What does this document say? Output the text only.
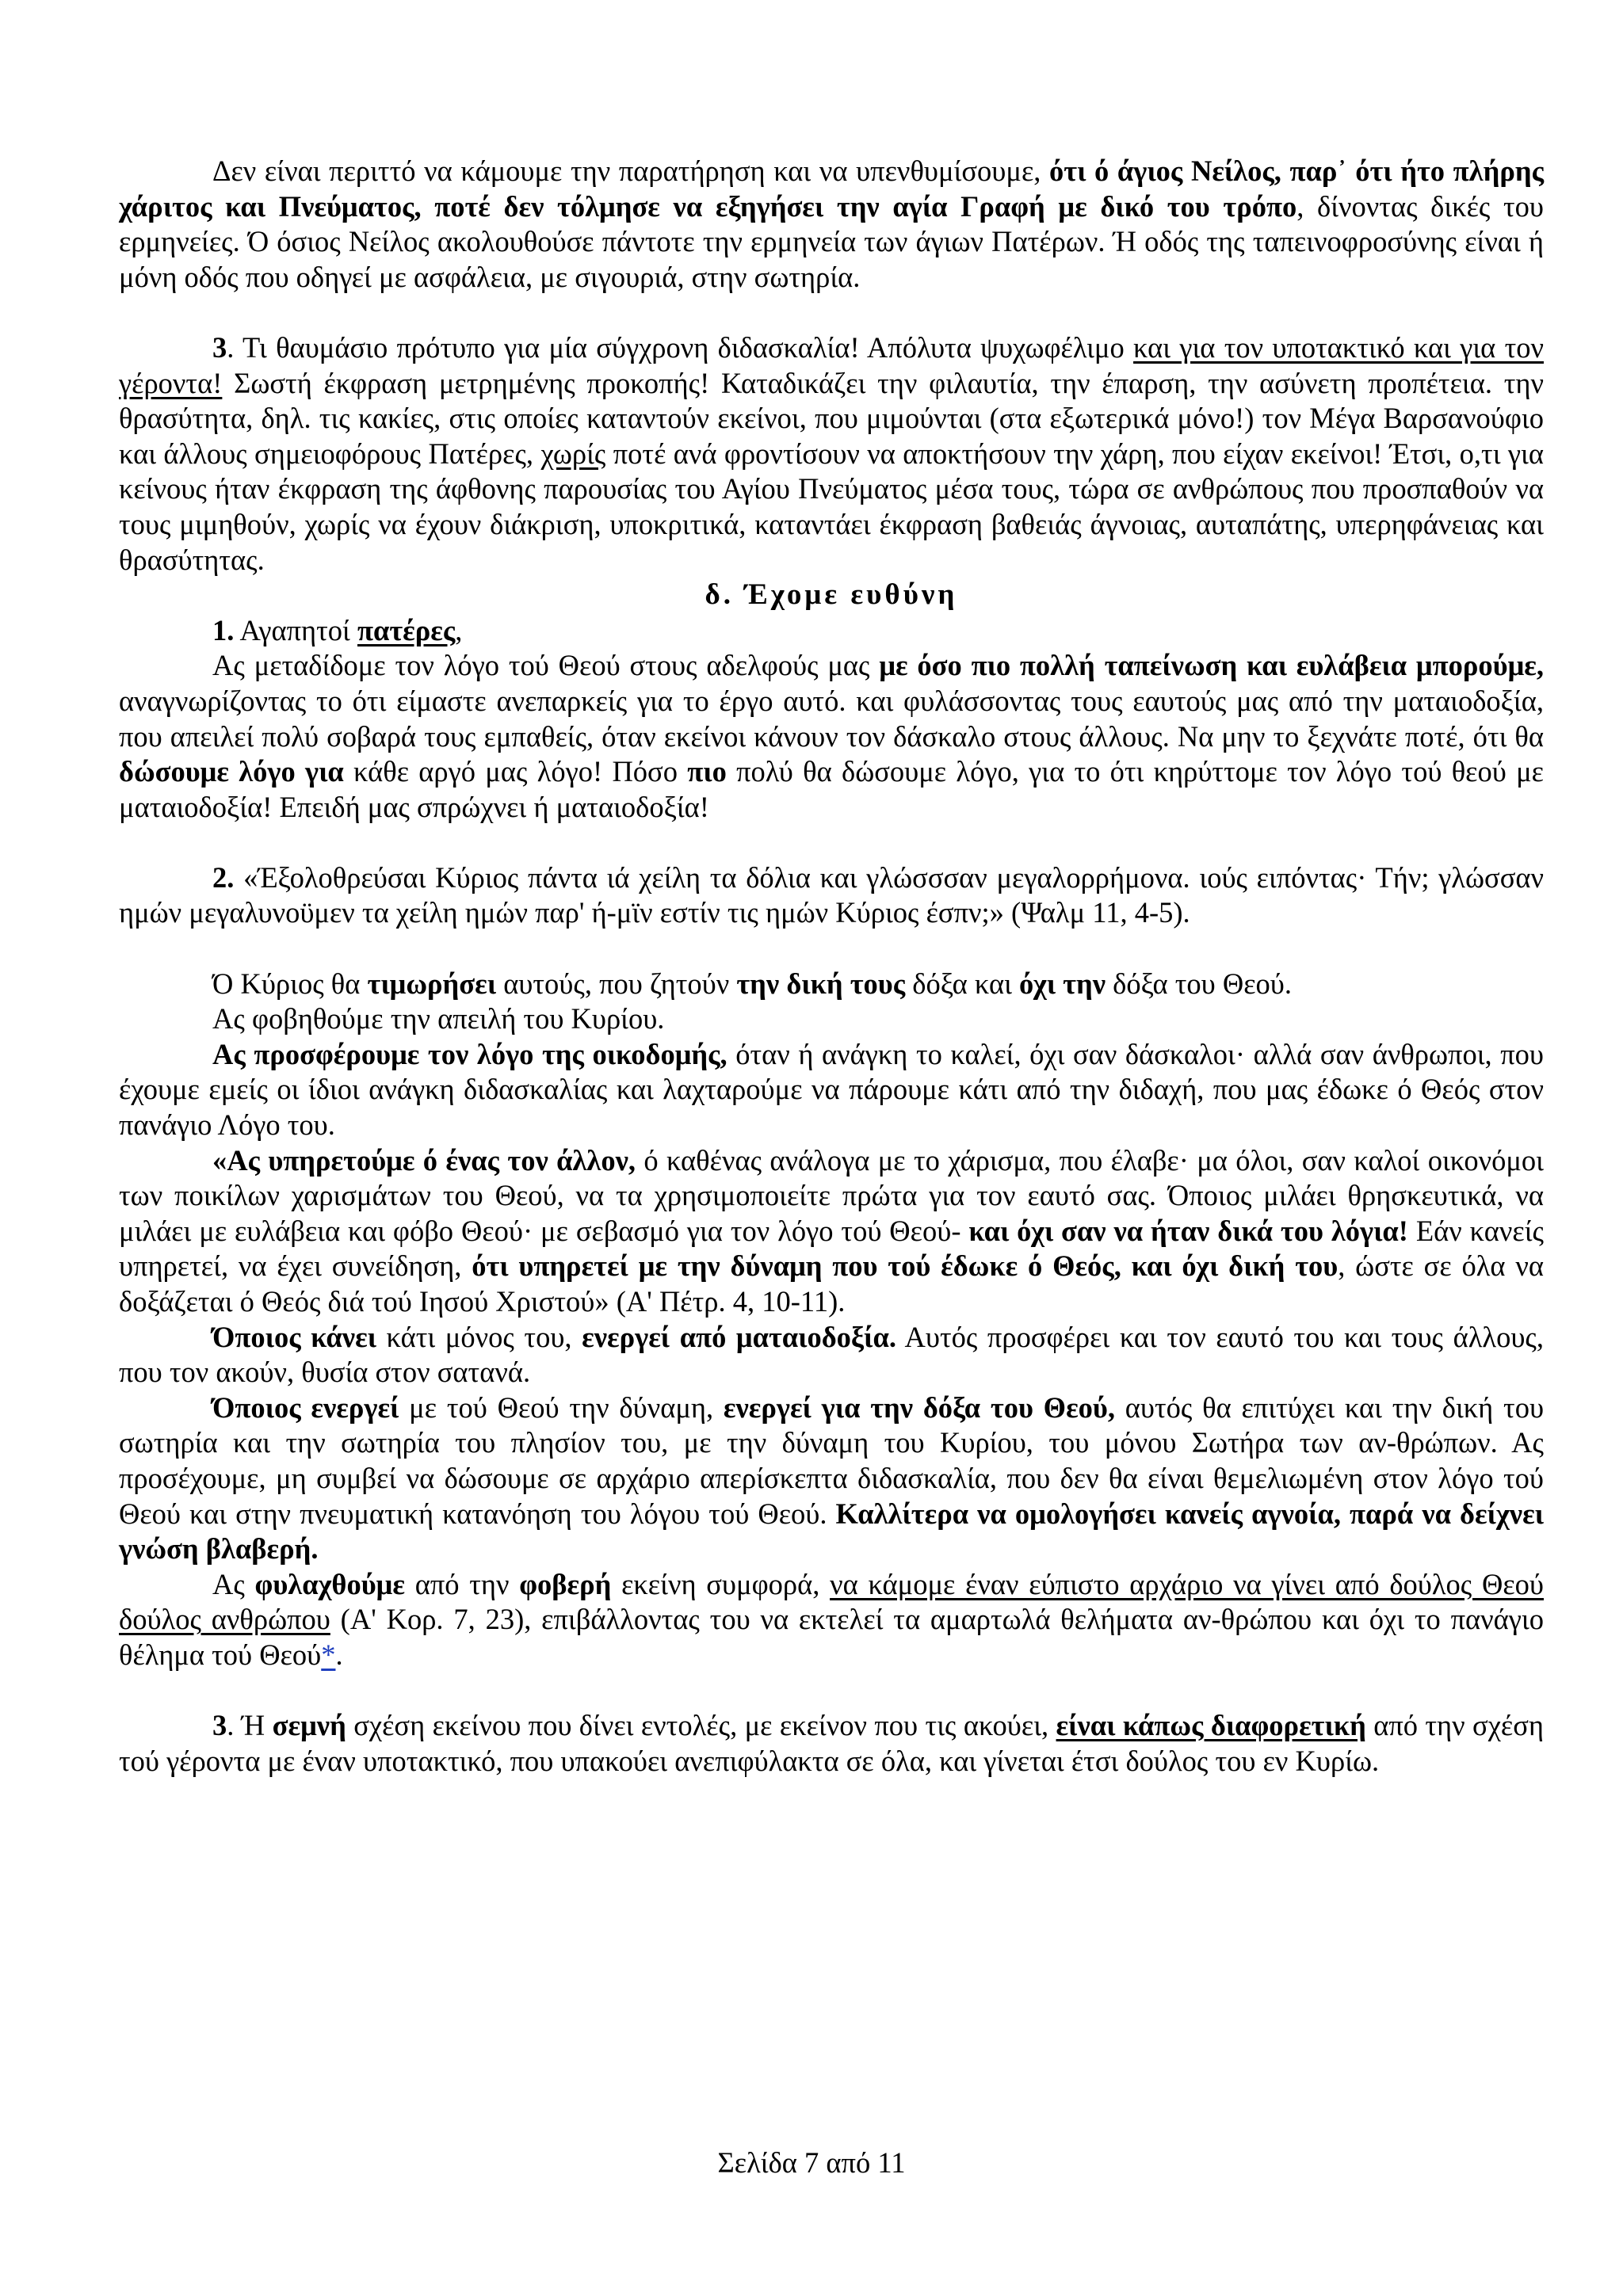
Δεν είναι περιττό να κάμουμε την παρατήρηση και να υπενθυμίσουμε, ότι ό άγιος Νείλος, παρ᾽ ότι ήτο πλήρης χάριτος και Πνεύματος, ποτέ δεν τόλμησε να εξηγήσει την αγία Γραφή με δικό του τρόπο, δίνοντας δικές του ερμηνείες. Ό όσιος Νείλος ακολουθούσε πάντοτε την ερμηνεία των άγιων Πατέρων. Ή οδός της ταπεινοφροσύνης είναι ή μόνη οδός που οδηγεί με ασφάλεια, με σιγουριά, στην σωτηρία.

3. Τι θαυμάσιο πρότυπο για μία σύγχρονη διδασκαλία! Απόλυτα ψυχωφέλιμο και για τον υποτακτικό και για τον γέροντα! Σωστή έκφραση μετρημένης προκοπής! Καταδικάζει την φιλαυτία, την έπαρση, την ασύνετη προπέτεια. την θρασύτητα, δηλ. τις κακίες, στις οποίες καταντούν εκείνοι, που μιμούνται (στα εξωτερικά μόνο!) τον Μέγα Βαρσανούφιο και άλλους σημειοφόρους Πατέρες, χωρίς ποτέ ανά φροντίσουν να αποκτήσουν την χάρη, που είχαν εκείνοι! Έτσι, ο,τι για κείνους ήταν έκφραση της άφθονης παρουσίας του Αγίου Πνεύματος μέσα τους, τώρα σε ανθρώπους που προσπαθούν να τους μιμηθούν, χωρίς να έχουν διάκριση, υποκριτικά, καταντάει έκφραση βαθειάς άγνοιας, αυταπάτης, υπερηφάνειας και θρασύτητας.

δ. Έχομε ευθύνη

1. Αγαπητοί πατέρες,

Ας μεταδίδομε τον λόγο τού Θεού στους αδελφούς μας με όσο πιο πολλή ταπείνωση και ευλάβεια μπορούμε, αναγνωρίζοντας το ότι είμαστε ανεπαρκείς για το έργο αυτό. και φυλάσσοντας τους εαυτούς μας από την ματαιοδοξία, που απειλεί πολύ σοβαρά τους εμπαθείς, όταν εκείνοι κάνουν τον δάσκαλο στους άλλους. Να μην το ξεχνάτε ποτέ, ότι θα δώσουμε λόγο για κάθε αργό μας λόγο! Πόσο πιο πολύ θα δώσουμε λόγο, για το ότι κηρύττομε τον λόγο τού θεού με ματαιοδοξία! Επειδή μας σπρώχνει ή ματαιοδοξία!

2. «Έξολοθρεύσαι Κύριος πάντα ιά χείλη τα δόλια και γλώσσσαν μεγαλορρήμονα. ιούς ειπόντας· Τήν; γλώσσαν ημών μεγαλυνοϋμεν τα χείλη ημών παρ' ή-μϊν εστίν τις ημών Κύριος έσπν;» (Ψαλμ 11, 4-5).

Ό Κύριος θα τιμωρήσει αυτούς, που ζητούν την δική τους δόξα και όχι την δόξα του Θεού.

Ας φοβηθούμε την απειλή του Κυρίου.

Ας προσφέρουμε τον λόγο της οικοδομής, όταν ή ανάγκη το καλεί, όχι σαν δάσκαλοι· αλλά σαν άνθρωποι, που έχουμε εμείς οι ίδιοι ανάγκη διδασκαλίας και λαχταρούμε να πάρουμε κάτι από την διδαχή, που μας έδωκε ό Θεός στον πανάγιο Λόγο του.

«Ας υπηρετούμε ό ένας τον άλλον, ό καθένας ανάλογα με το χάρισμα, που έλαβε· μα όλοι, σαν καλοί οικονόμοι των ποικίλων χαρισμάτων του Θεού, να τα χρησιμοποιείτε πρώτα για τον εαυτό σας. Όποιος μιλάει θρησκευτικά, να μιλάει με ευλάβεια και φόβο Θεού· με σεβασμό για τον λόγο τού Θεού- και όχι σαν να ήταν δικά του λόγια! Εάν κανείς υπηρετεί, να έχει συνείδηση, ότι υπηρετεί με την δύναμη που τού έδωκε ό Θεός, και όχι δική του, ώστε σε όλα να δοξάζεται ό Θεός διά τού Ιησού Χριστού» (Α' Πέτρ. 4, 10-11).

Όποιος κάνει κάτι μόνος του, ενεργεί από ματαιοδοξία. Αυτός προσφέρει και τον εαυτό του και τους άλλους, που τον ακούν, θυσία στον σατανά.

Όποιος ενεργεί με τού Θεού την δύναμη, ενεργεί για την δόξα του Θεού, αυτός θα επιτύχει και την δική του σωτηρία και την σωτηρία του πλησίον του, με την δύναμη του Κυρίου, του μόνου Σωτήρα των αν-θρώπων. Ας προσέχουμε, μη συμβεί να δώσουμε σε αρχάριο απερίσκεπτα διδασκαλία, που δεν θα είναι θεμελιωμένη στον λόγο τού Θεού και στην πνευματική κατανόηση του λόγου τού Θεού. Καλλίτερα να ομολογήσει κανείς αγνοία, παρά να δείχνει γνώση βλαβερή.

Ας φυλαχθούμε από την φοβερή εκείνη συμφορά, να κάμομε έναν εύπιστο αρχάριο να γίνει από δούλος Θεού δούλος ανθρώπου (Α' Κορ. 7, 23), επιβάλλοντας του να εκτελεί τα αμαρτωλά θελήματα αν-θρώπου και όχι το πανάγιο θέλημα τού Θεού*.

3. Ή σεμνή σχέση εκείνου που δίνει εντολές, με εκείνον που τις ακούει, είναι κάπως διαφορετική από την σχέση τού γέροντα με έναν υποτακτικό, που υπακούει ανεπιφύλακτα σε όλα, και γίνεται έτσι δούλος του εν Κυρίω.

Σελίδα 7 από 11
